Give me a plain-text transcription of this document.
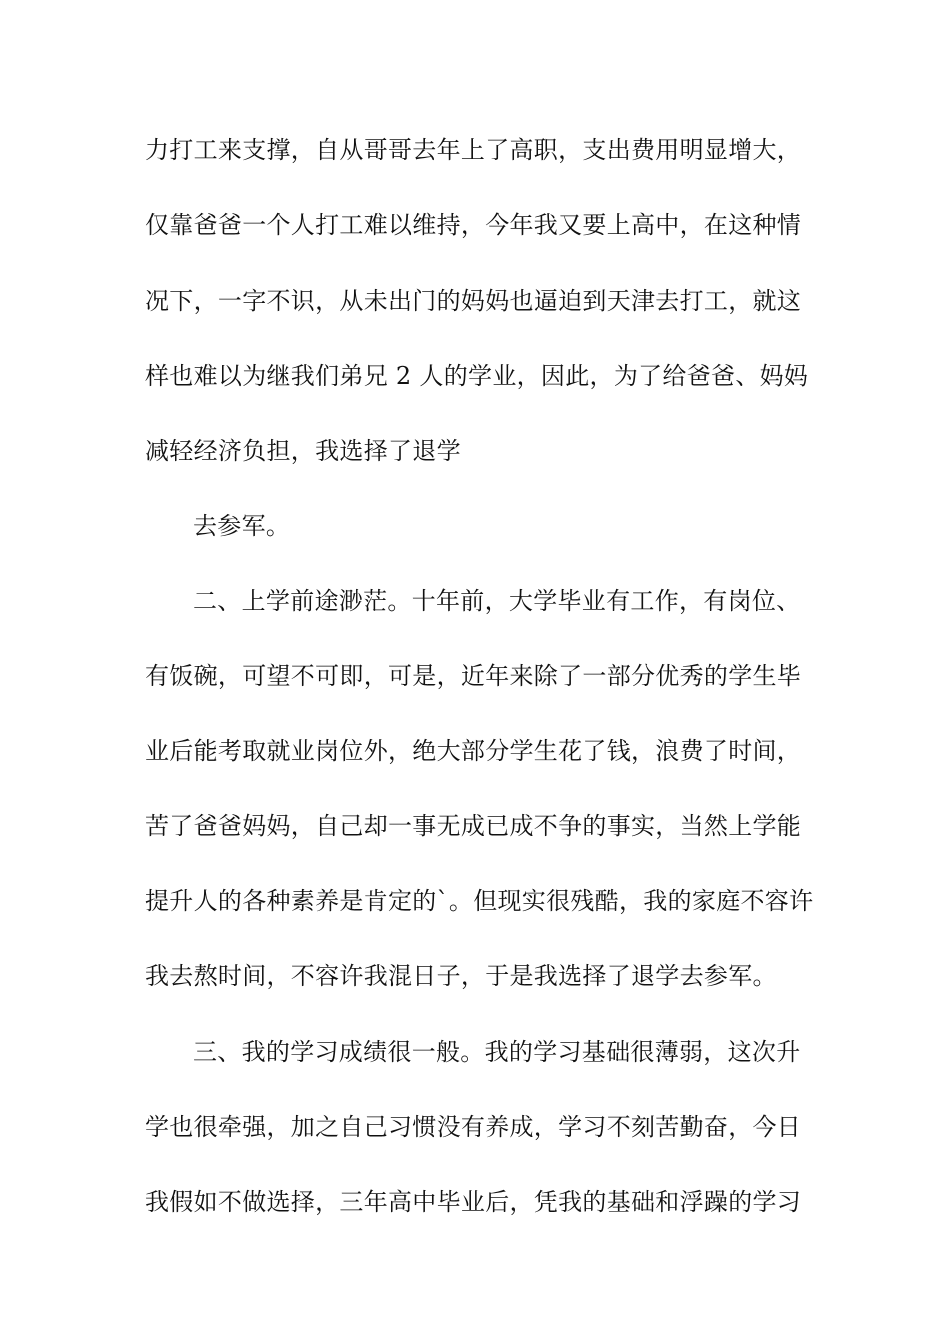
力打工来支撑，自从哥哥去年上了高职，支出费用明显增大，
仅靠爸爸一个人打工难以维持，今年我又要上高中，在这种情
况下，一字不识，从未出门的妈妈也逼迫到天津去打工，就这
样也难以为继我们弟兄 2 人的学业，因此，为了给爸爸、妈妈
减轻经济负担，我选择了退学
去参军。
二、上学前途渺茫。十年前，大学毕业有工作，有岗位、
有饭碗，可望不可即，可是，近年来除了一部分优秀的学生毕
业后能考取就业岗位外，绝大部分学生花了钱，浪费了时间，
苦了爸爸妈妈，自己却一事无成已成不争的事实，当然上学能
提升人的各种素养是肯定的`。但现实很残酷，我的家庭不容许
我去熬时间，不容许我混日子，于是我选择了退学去参军。
三、我的学习成绩很一般。我的学习基础很薄弱，这次升
学也很牵强，加之自己习惯没有养成，学习不刻苦勤奋，今日
我假如不做选择，三年高中毕业后，凭我的基础和浮躁的学习
